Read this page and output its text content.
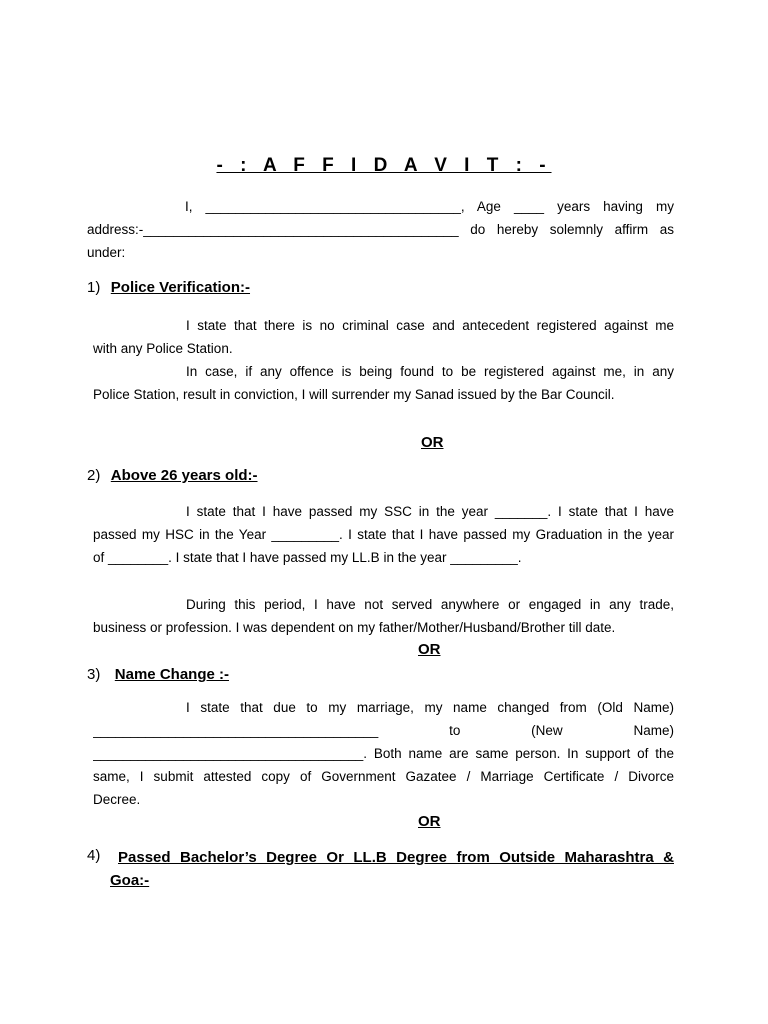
- : A F F I D A V I T : -
I, __________________________________, Age ____ years having my
address:-__________________________________________ do hereby solemnly affirm as
under:
1) Police Verification:-
I state that there is no criminal case and antecedent registered against me
with any Police Station.
In case, if any offence is being found to be registered against me, in any
Police Station, result in conviction, I will surrender my Sanad issued by the Bar Council.
OR
2) Above 26 years old:-
I state that I have passed my SSC in the year _______. I state that I have
passed my HSC in the Year _________. I state that I have passed my Graduation in the year
of ________. I state that I have passed my LL.B in the year _________.
During this period, I have not served anywhere or engaged in any trade,
business or profession. I was dependent on my father/Mother/Husband/Brother till date.
OR
3) Name Change :-
I state that due to my marriage, my name changed from (Old Name)
______________________________________ to (New Name)
____________________________________. Both name are same person. In support of the
same, I submit attested copy of Government Gazatee / Marriage Certificate / Divorce
Decree.
OR
4) Passed Bachelor’s Degree Or LL.B Degree from Outside Maharashtra &
Goa:-
